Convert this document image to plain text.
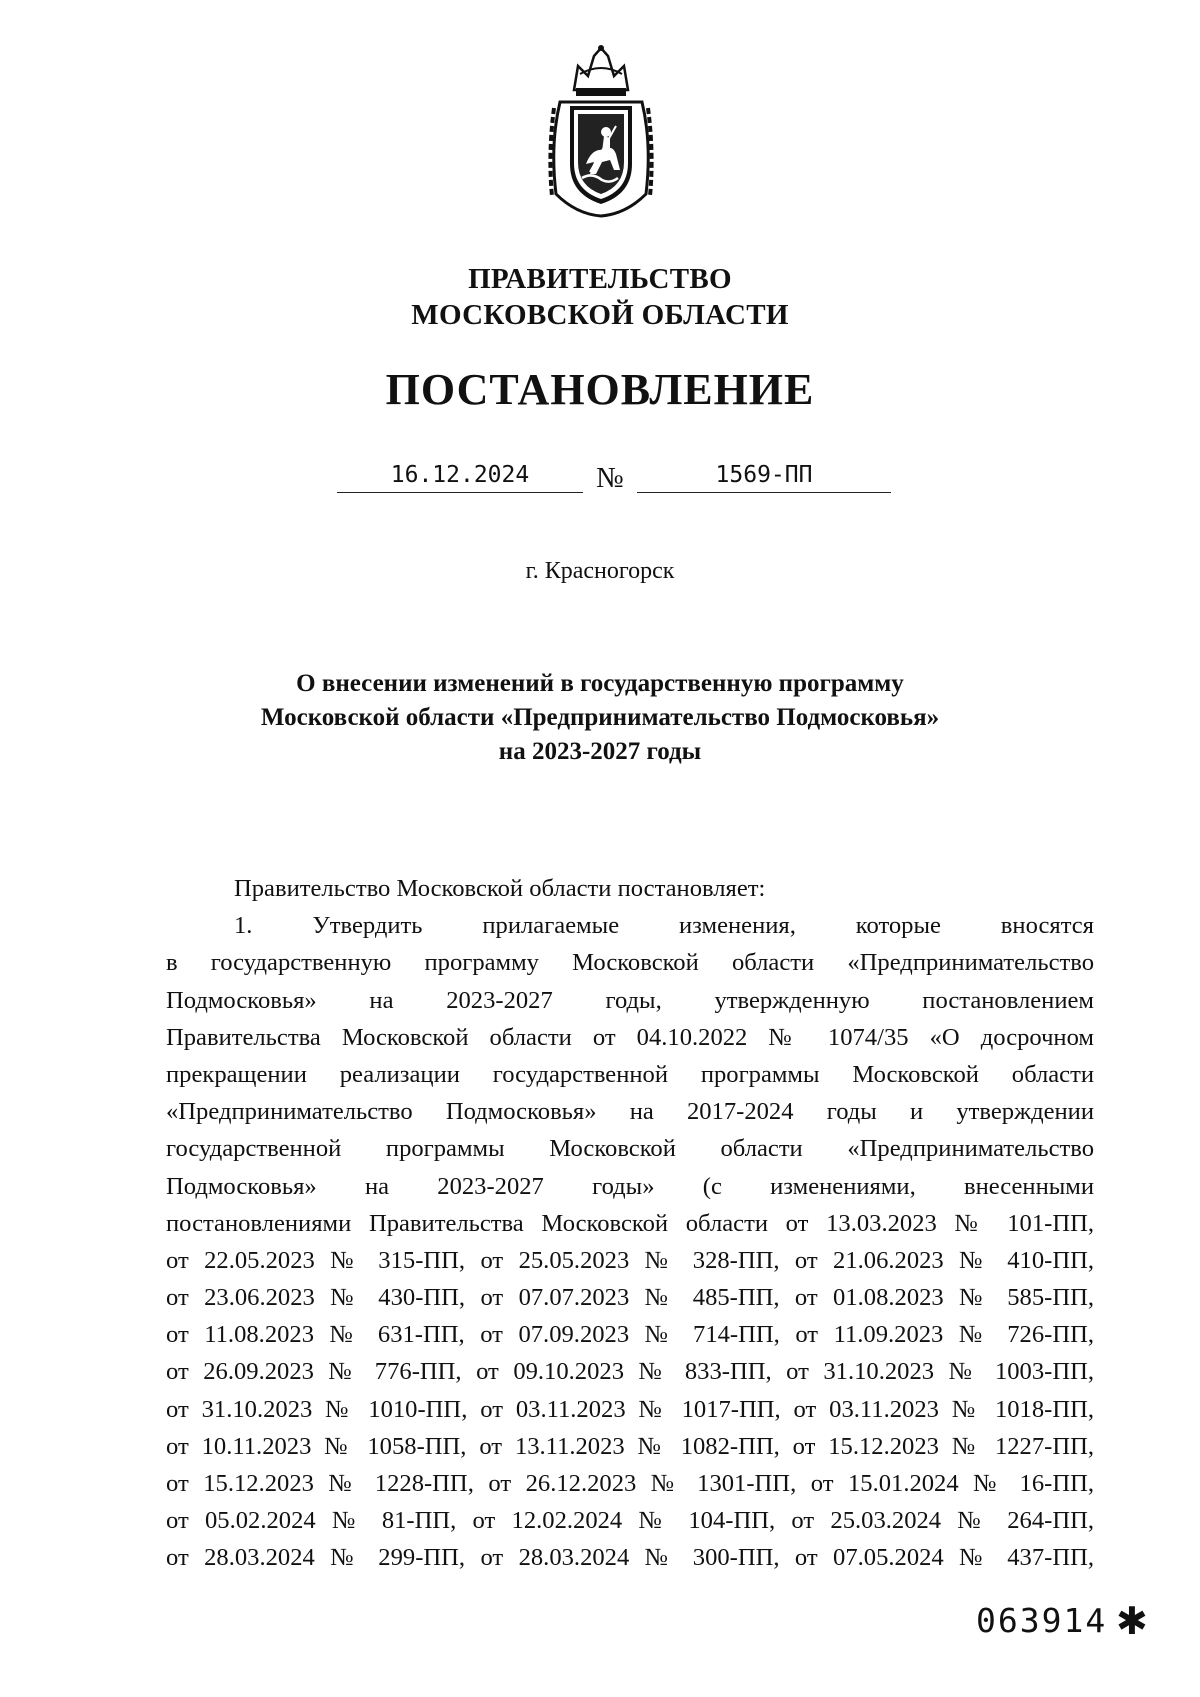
ПРАВИТЕЛЬСТВО
МОСКОВСКОЙ ОБЛАСТИ
ПОСТАНОВЛЕНИЕ
16.12.2024	№	1569-ПП
г. Красногорск
О внесении изменений в государственную программу
Московской области «Предпринимательство Подмосковья»
на 2023-2027 годы
Правительство Московской области постановляет:
1. Утвердить прилагаемые изменения, которые вносятся
в государственную программу Московской области «Предпринимательство
Подмосковья» на 2023-2027 годы, утвержденную постановлением
Правительства Московской области от 04.10.2022 № 1074/35 «О досрочном
прекращении реализации государственной программы Московской области
«Предпринимательство Подмосковья» на 2017-2024 годы и утверждении
государственной программы Московской области «Предпринимательство
Подмосковья» на 2023-2027 годы» (с изменениями, внесенными
постановлениями Правительства Московской области от 13.03.2023 № 101-ПП,
от 22.05.2023 № 315-ПП, от 25.05.2023 № 328-ПП, от 21.06.2023 № 410-ПП,
от 23.06.2023 № 430-ПП, от 07.07.2023 № 485-ПП, от 01.08.2023 № 585-ПП,
от 11.08.2023 № 631-ПП, от 07.09.2023 № 714-ПП, от 11.09.2023 № 726-ПП,
от 26.09.2023 № 776-ПП, от 09.10.2023 № 833-ПП, от 31.10.2023 № 1003-ПП,
от 31.10.2023 № 1010-ПП, от 03.11.2023 № 1017-ПП, от 03.11.2023 № 1018-ПП,
от 10.11.2023 № 1058-ПП, от 13.11.2023 № 1082-ПП, от 15.12.2023 № 1227-ПП,
от 15.12.2023 № 1228-ПП, от 26.12.2023 № 1301-ПП, от 15.01.2024 № 16-ПП,
от 05.02.2024 № 81-ПП, от 12.02.2024 № 104-ПП, от 25.03.2024 № 264-ПП,
от 28.03.2024 № 299-ПП, от 28.03.2024 № 300-ПП, от 07.05.2024 № 437-ПП,
063914 ✱
